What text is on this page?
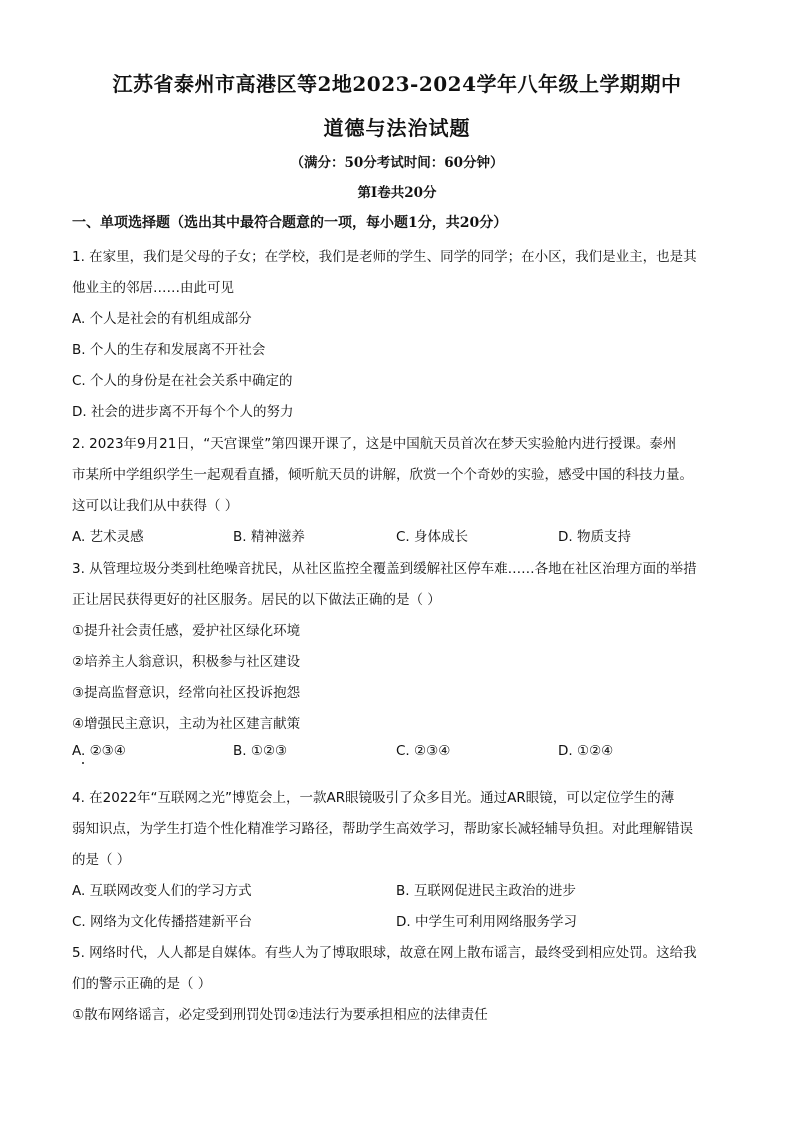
江苏省泰州市高港区等2地2023-2024学年八年级上学期期中
道德与法治试题
（满分：50分考试时间：60分钟）
第I卷共20分
一、单项选择题（选出其中最符合题意的一项，每小题1分，共20分）
1. 在家里，我们是父母的子女；在学校，我们是老师的学生、同学的同学；在小区，我们是业主，也是其
他业主的邻居……由此可见
A. 个人是社会的有机组成部分
B. 个人的生存和发展离不开社会
C. 个人的身份是在社会关系中确定的
D. 社会的进步离不开每个个人的努力
2. 2023年9月21日，“天宫课堂”第四课开课了，这是中国航天员首次在梦天实验舱内进行授课。泰州
市某所中学组织学生一起观看直播，倾听航天员的讲解，欣赏一个个奇妙的实验，感受中国的科技力量。
这可以让我们从中获得（ ）
A. 艺术灵感	B. 精神滋养	C. 身体成长	D. 物质支持
3. 从管理垃圾分类到杜绝噪音扰民，从社区监控全覆盖到缓解社区停车难……各地在社区治理方面的举措
正让居民获得更好的社区服务。居民的以下做法正确的是（ ）
①提升社会责任感，爱护社区绿化环境
②培养主人翁意识，积极参与社区建设
③提高监督意识，经常向社区投诉抱怨
④增强民主意识，主动为社区建言献策
A. ②③④	B. ①②③	C. ②③④	D. ①②④
4. 在2022年“互联网之光”博览会上，一款AR眼镜吸引了众多目光。通过AR眼镜，可以定位学生的薄
弱知识点，为学生打造个性化精准学习路径，帮助学生高效学习，帮助家长减轻辅导负担。对此理解错误
的是（ ）
A. 互联网改变人们的学习方式	B. 互联网促进民主政治的进步
C. 网络为文化传播搭建新平台	D. 中学生可利用网络服务学习
5. 网络时代，人人都是自媒体。有些人为了博取眼球，故意在网上散布谣言，最终受到相应处罚。这给我
们的警示正确的是（ ）
①散布网络谣言，必定受到刑罚处罚②违法行为要承担相应的法律责任
